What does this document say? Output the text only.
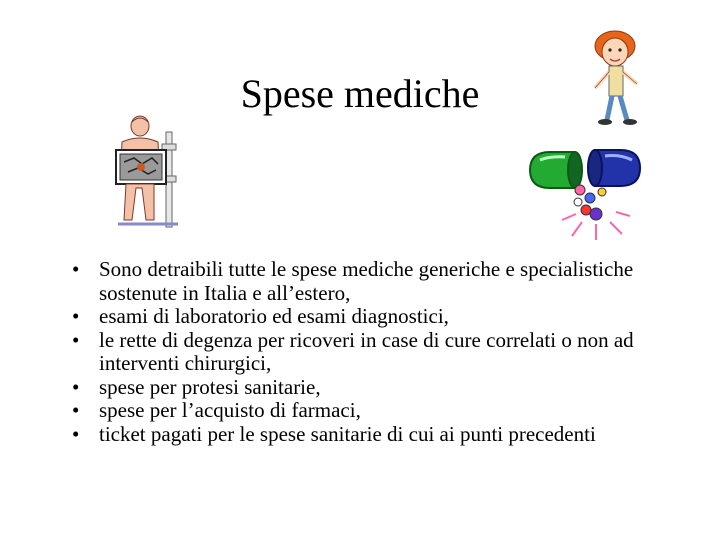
Spese mediche
• Sono detraibili tutte le spese mediche generiche e specialistiche sostenute in Italia e all’estero,
• esami di laboratorio ed esami diagnostici,
• le rette di degenza per ricoveri in case di cure correlati o non ad interventi chirurgici,
• spese per protesi sanitarie,
• spese per l’acquisto di farmaci,
• ticket pagati per le spese sanitarie di cui ai punti precedenti
